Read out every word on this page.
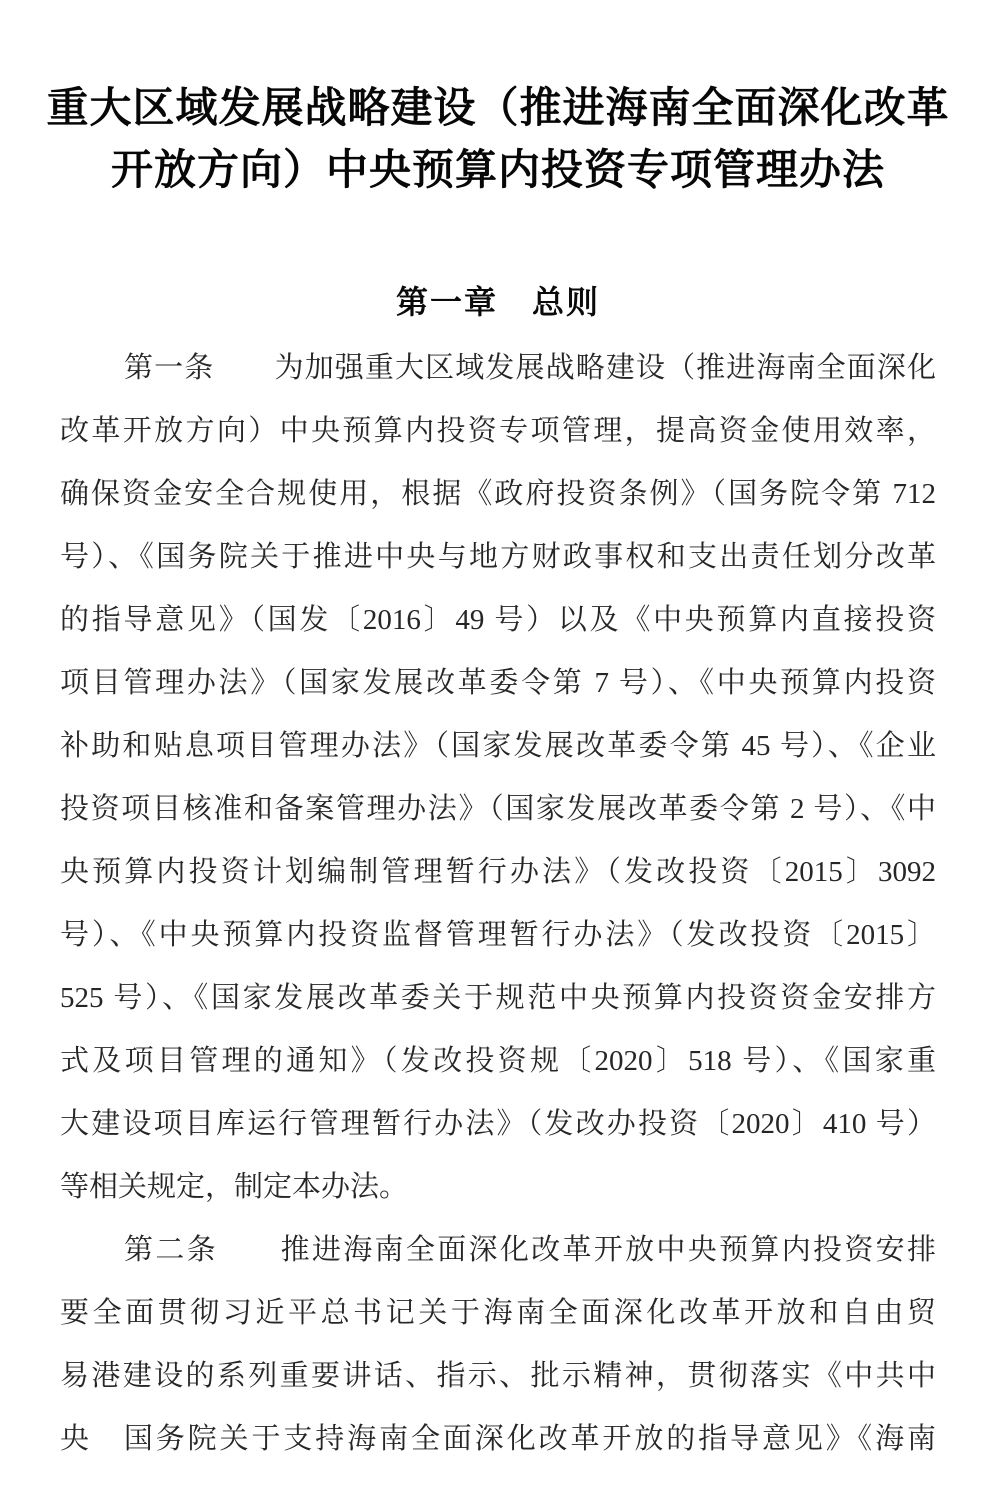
重大区域发展战略建设（推进海南全面深化改革
开放方向）中央预算内投资专项管理办法
第一章　总则
第一条　　为加强重大区域发展战略建设（推进海南全面深化
改革开放方向）中央预算内投资专项管理，提高资金使用效率，
确保资金安全合规使用，根据《政府投资条例》（国务院令第 712
号）、《国务院关于推进中央与地方财政事权和支出责任划分改革
的指导意见》（国发〔2016〕49 号）以及《中央预算内直接投资
项目管理办法》（国家发展改革委令第 7 号）、《中央预算内投资
补助和贴息项目管理办法》（国家发展改革委令第 45 号）、《企业
投资项目核准和备案管理办法》（国家发展改革委令第 2 号）、《中
央预算内投资计划编制管理暂行办法》（发改投资〔2015〕3092
号）、《中央预算内投资监督管理暂行办法》（发改投资〔2015〕
525 号）、《国家发展改革委关于规范中央预算内投资资金安排方
式及项目管理的通知》（发改投资规〔2020〕518 号）、《国家重
大建设项目库运行管理暂行办法》（发改办投资〔2020〕410 号）
等相关规定，制定本办法。
第二条　　推进海南全面深化改革开放中央预算内投资安排
要全面贯彻习近平总书记关于海南全面深化改革开放和自由贸
易港建设的系列重要讲话、指示、批示精神，贯彻落实《中共中
央　国务院关于支持海南全面深化改革开放的指导意见》《海南
